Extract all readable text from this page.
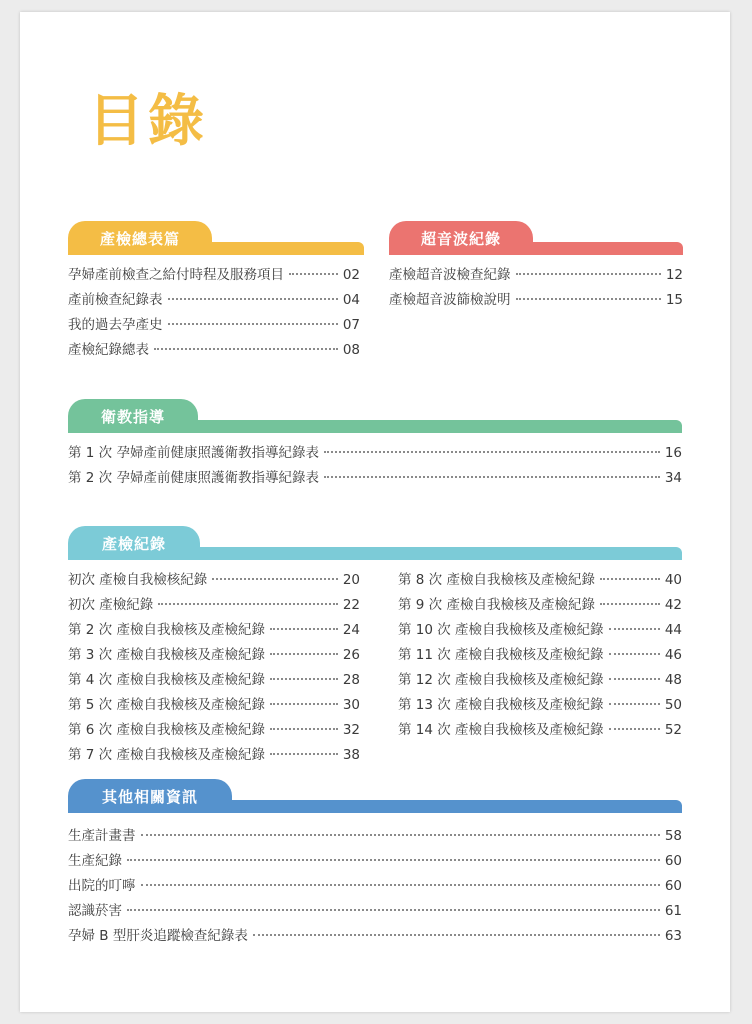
目錄
產檢總表篇
孕婦產前檢查之給付時程及服務項目	02
產前檢查紀錄表	04
我的過去孕產史	07
產檢紀錄總表	08
超音波紀錄
產檢超音波檢查紀錄	12
產檢超音波篩檢說明	15
衛教指導
第 1 次 孕婦產前健康照護衛教指導紀錄表	16
第 2 次 孕婦產前健康照護衛教指導紀錄表	34
產檢紀錄
初次 產檢自我檢核紀錄	20
初次 產檢紀錄	22
第 2 次 產檢自我檢核及產檢紀錄	24
第 3 次 產檢自我檢核及產檢紀錄	26
第 4 次 產檢自我檢核及產檢紀錄	28
第 5 次 產檢自我檢核及產檢紀錄	30
第 6 次 產檢自我檢核及產檢紀錄	32
第 7 次 產檢自我檢核及產檢紀錄	38
第 8 次 產檢自我檢核及產檢紀錄	40
第 9 次 產檢自我檢核及產檢紀錄	42
第 10 次 產檢自我檢核及產檢紀錄	44
第 11 次 產檢自我檢核及產檢紀錄	46
第 12 次 產檢自我檢核及產檢紀錄	48
第 13 次 產檢自我檢核及產檢紀錄	50
第 14 次 產檢自我檢核及產檢紀錄	52
其他相關資訊
生產計畫書	58
生產紀錄	60
出院的叮嚀	60
認識菸害	61
孕婦 B 型肝炎追蹤檢查紀錄表	63
